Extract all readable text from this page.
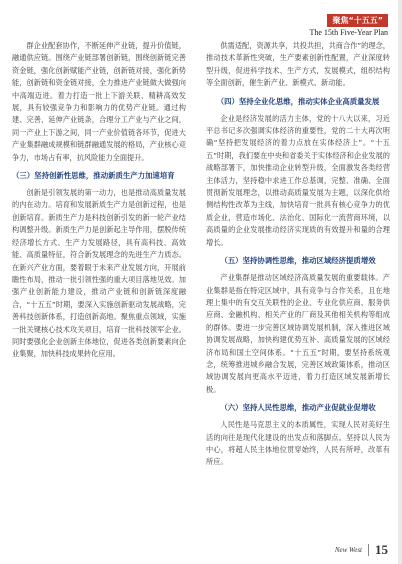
聚焦“十五五”
The 15th Five-Year Plan

群企业配套协作，不断延伸产业链，提升价值链，融通供应链。围绕产业链部署创新链，围绕创新链完善资金链，强化创新赋能产业链，创新链对接，强化新势能，创新链和资金链对接，全力推进产业链做大做强向中高端迈进。着力打造一批上下游关联、精耕高效发展，具有较强竞争力和影响力的优势产业链。通过构建、完善、延伸产业链条，合理分工产业与产业之间，同一产业上下游之间，同一产业价值链各环节，促进大产业集群融成规模和链群融通发展的格局，产业核心竞争力，市场占有率，抗风险能力全面提升。

（三）坚持创新性思维，推动新质生产力加速培育

创新是引领发展的第一动力，也是推动高质量发展的内在动力。培育和发展新质生产力是创新过程，也是创新培育。新质生产力是科技创新引发的新一轮产业结构调整升级。新质生产力是创新起主导作用，摆脱传统经济增长方式、生产力发展路径，具有高科技、高效能、高质量特征，符合新发展理念的先进生产力质态。在新兴产业方面，要着眼于未来产业发展方向，开展前瞻性布局，推动一批引领性强的重大项目落地见效。加强产业创新能力建设，推动产业链和创新链深度融合，“十五五”时期，要深入实施创新驱动发展战略，完善科技创新体系，打造创新高地。聚焦重点领域，实施一批关键核心技术攻关项目，培育一批科技领军企业。同时要强化企业创新主体地位，促进各类创新要素向企业集聚，加快科技成果转化应用。

供需适配，资源共享，共投共担，共商合作”的理念，推动技术革新性突破，生产要素创新性配置，产业深度转型升级，促进科学技术、生产方式，发展模式，组织结构等全面创新，催生新产业、新模式、新动能。

（四）坚持全业化思维，推动实体企业高质量发展

企业是经济发展的活力主体，党的十八大以来，习近平总书记多次强调实体经济的重要性，党的二十大再次明确“坚持把发展经济的着力点放在实体经济上”。“十五五”时期，我们要在中央和省委关于实体经济和企业发展的战略部署下，加快推动企业转型升级，全面激发各类经营主体活力，坚持稳中求进工作总基调，完整、准确、全面贯彻新发展理念，以推动高质量发展为主题，以深化供给侧结构性改革为主线，加快培育一批具有核心竞争力的优质企业，营造市场化、法治化、国际化一流营商环境，以高质量的企业发展推动经济实现质的有效提升和量的合理增长。

（五）坚持协调性思维，推动区域经济提质增效

产业集群是推动区域经济高质量发展的重要载体。产业集群是指在特定区域中，具有竞争与合作关系，且在地理上集中的有交互关联性的企业、专业化供应商、服务供应商、金融机构、相关产业的厂商及其他相关机构等组成的群体。要进一步完善区域协调发展机制，深入推进区域协调发展战略，加快构建优势互补、高质量发展的区域经济布局和国土空间体系。“十五五”时期，要坚持系统观念，统筹推进城乡融合发展，完善区域政策体系，推动区域协调发展向更高水平迈进，着力打造区域发展新增长极。

（六）坚持人民性思维，推动产业促就业促增收

人民性是马克思主义的本质属性，实现人民对美好生活的向往是现代化建设的出发点和落脚点。坚持以人民为中心，将超人民主体地位贯穿始终，人民有所呼，改革有所应。

New West 15
